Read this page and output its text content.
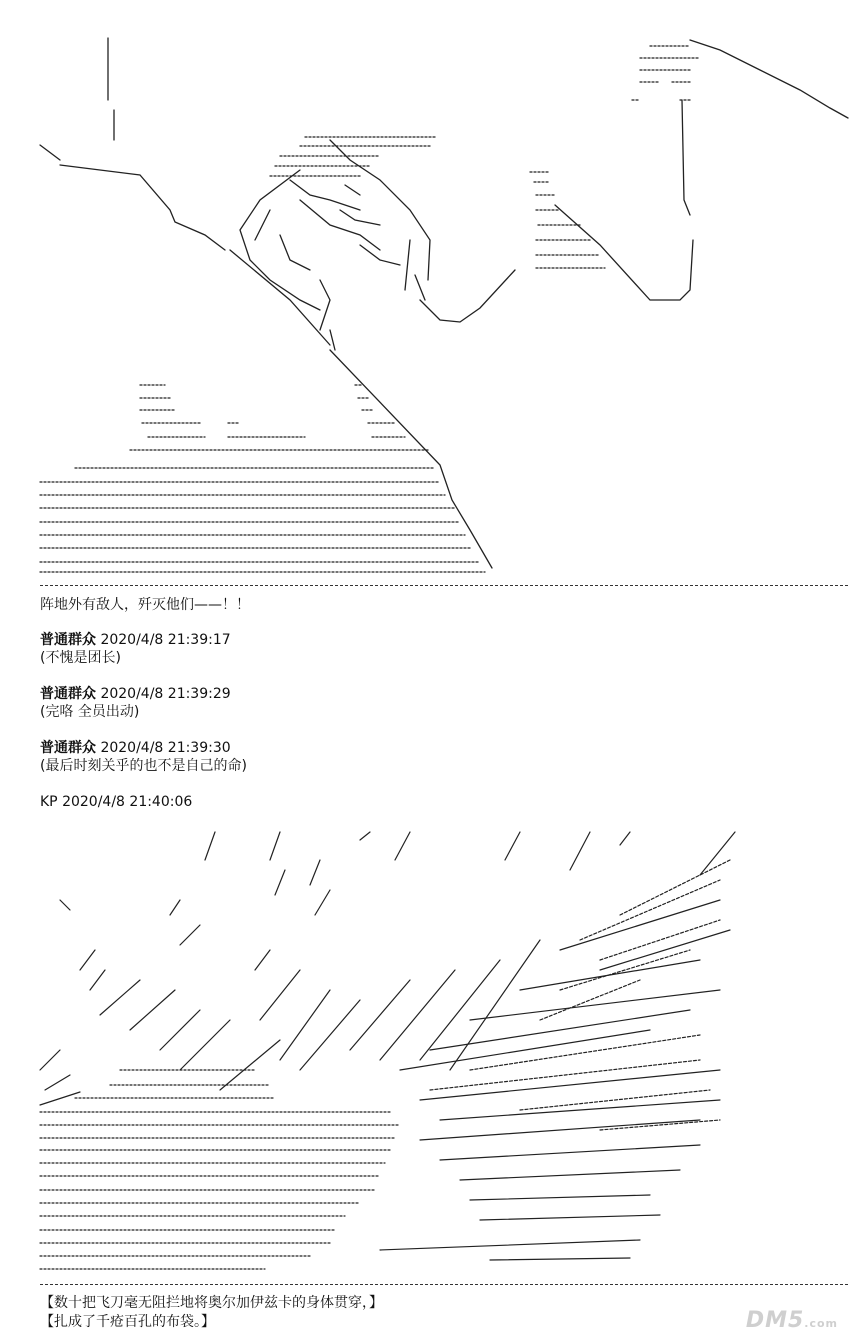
阵地外有敌人，歼灭他们——！！
普通群众 2020/4/8 21:39:17
(不愧是团长)
普通群众 2020/4/8 21:39:29
(完咯 全员出动)
普通群众 2020/4/8 21:39:30
(最后时刻关乎的也不是自己的命)
KP 2020/4/8 21:40:06
【数十把飞刀毫无阻拦地将奥尔加伊兹卡的身体贯穿，】
【扎成了千疮百孔的布袋。】	DM5.com
